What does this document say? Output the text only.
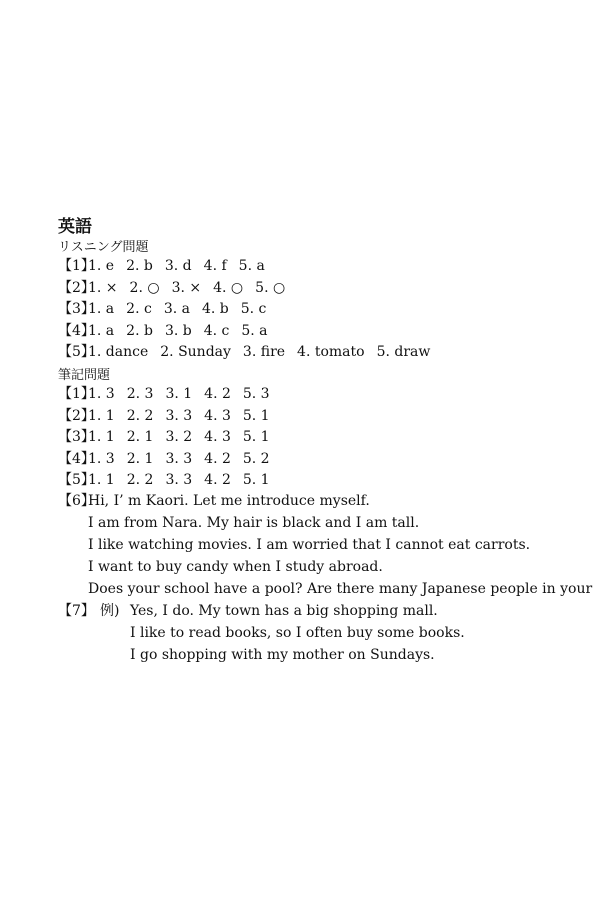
英語
リスニング問題
【1】1. e 2. b 3. d 4. f 5. a
【2】1. × 2. ○ 3. × 4. ○ 5. ○
【3】1. a 2. c 3. a 4. b 5. c
【4】1. a 2. b 3. b 4. c 5. a
【5】1. dance 2. Sunday 3. fire 4. tomato 5. draw
筆記問題
【1】1. 3 2. 3 3. 1 4. 2 5. 3
【2】1. 1 2. 2 3. 3 4. 3 5. 1
【3】1. 1 2. 1 3. 2 4. 3 5. 1
【4】1. 3 2. 1 3. 3 4. 2 5. 2
【5】1. 1 2. 2 3. 3 4. 2 5. 1
【6】
Hi, I’ m Kaori. Let me introduce myself.
I am from Nara. My hair is black and I am tall.
I like watching movies. I am worried that I cannot eat carrots.
I want to buy candy when I study abroad.
Does your school have a pool? Are there many Japanese people in your
【7】 例) Yes, I do. My town has a big shopping mall.
I like to read books, so I often buy some books.
I go shopping with my mother on Sundays.
